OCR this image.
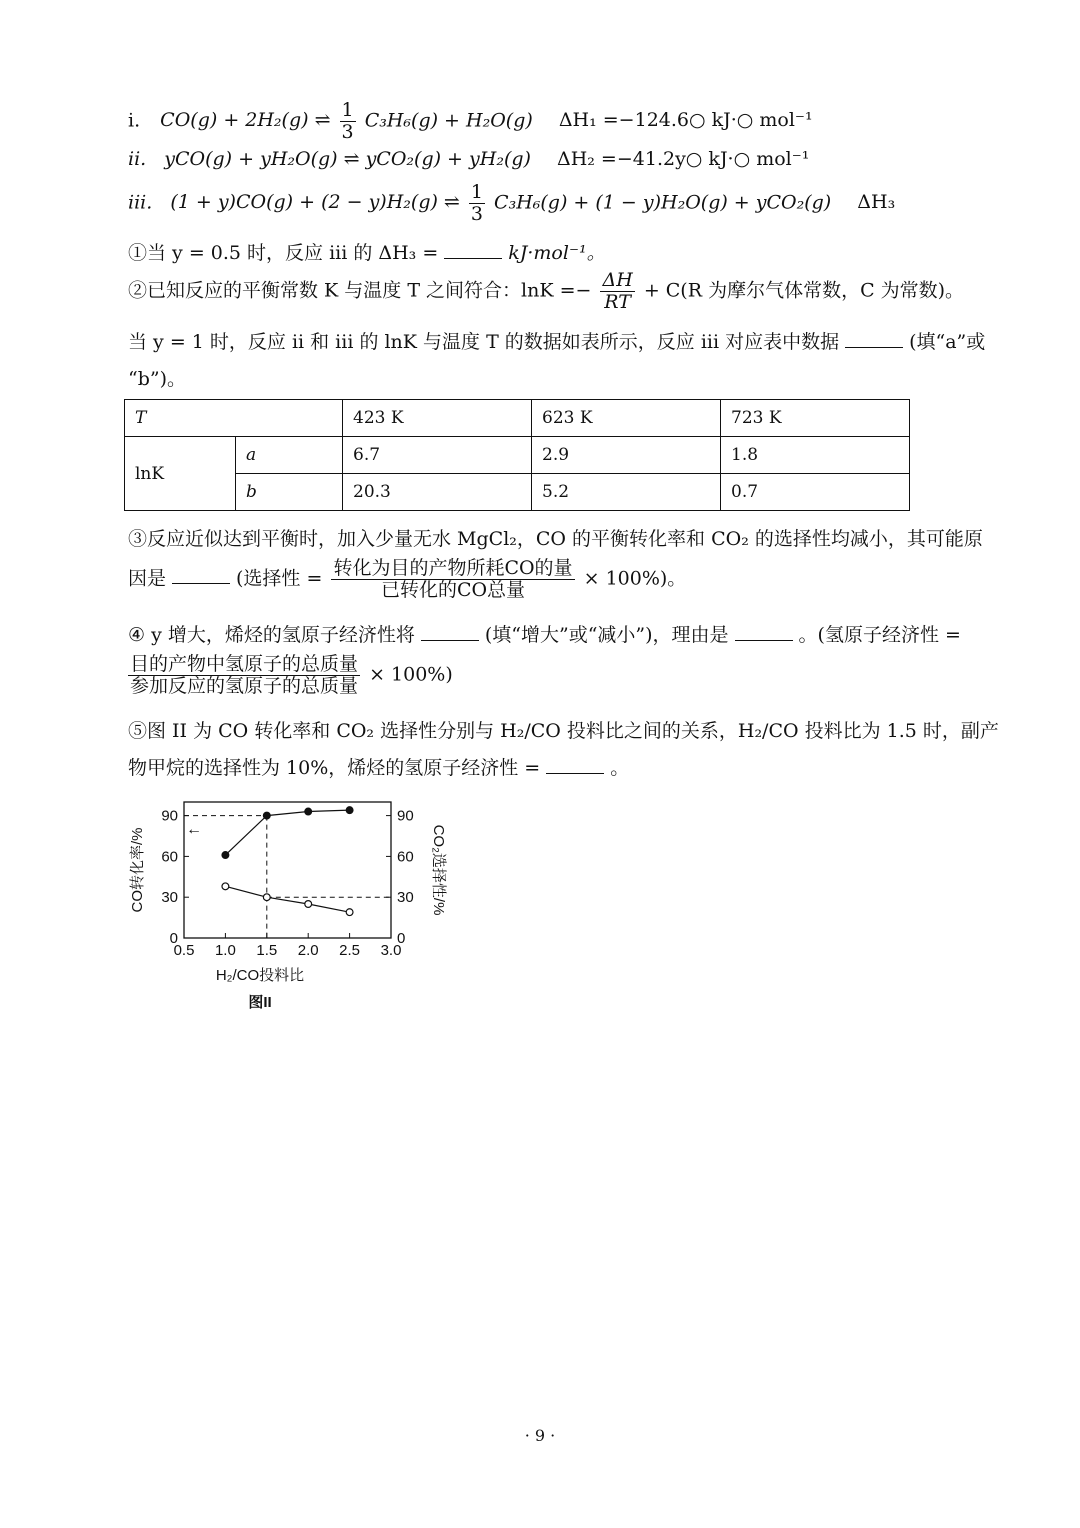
i. CO(g) + 2H₂(g) ⇌ $\frac{1}{3} C_3H_6(g) + H_2O(g)$ ΔH₁ =−124.6○ kJ·○ mol⁻¹
ii. yCO(g) + yH₂O(g) ⇌ yCO₂(g) + yH₂(g) ΔH₂ =−41.2y○ kJ·○ mol⁻¹
iii. (1 + y)CO(g) + (2 − y)H₂(g) ⇌ $\frac{1}{3} C_3H_6(g) + (1 - y)H_2O(g) + yCO_2(g)$ ΔH₃
①当 y = 0.5 时，反应 iii 的 ΔH₃ =	kJ·mol⁻¹。
②已知反应的平衡常数 K 与温度 T 之间符合：$\ln K =- \frac{\Delta H}{RT} + C(R$ 为摩尔气体常数，C 为常数)。
当 y = 1 时，反应 ii 和 iii 的 lnK 与温度 T 的数据如表所示，反应 iii 对应表中数据	(填“a”或
“b”)。
T		423 K	623 K	723 K
lnK	a	6.7	2.9	1.8
	b	20.3	5.2	0.7
③反应近似达到平衡时，加入少量无水 MgCl₂，CO 的平衡转化率和 CO₂ 的选择性均减小，其可能原
因是	(选择性 = $\frac{\text{转化为目的产物所耗CO的量}}{\text{已转化的CO总量}} \times 100\%$)。
④ y 增大，烯烃的氢原子经济性将	(填“增大”或“减小”)，理由是	。(氢原子经济性 =
$\frac{\text{目的产物中氢原子的总质量}}{\text{参加反应的氢原子的总质量}} \times 100\%$)
⑤图 II 为 CO 转化率和 CO₂ 选择性分别与 H₂/CO 投料比之间的关系，H₂/CO 投料比为 1.5 时，副产
物甲烷的选择性为 10%，烯烃的氢原子经济性 =	。
0.5 1.0 1.5 2.0 2.5 3.0
0	0
30	30
60	60
90	90
←
CO转化率/%	CO₂选择性/%
H₂/CO投料比
图II
· 9 ·
